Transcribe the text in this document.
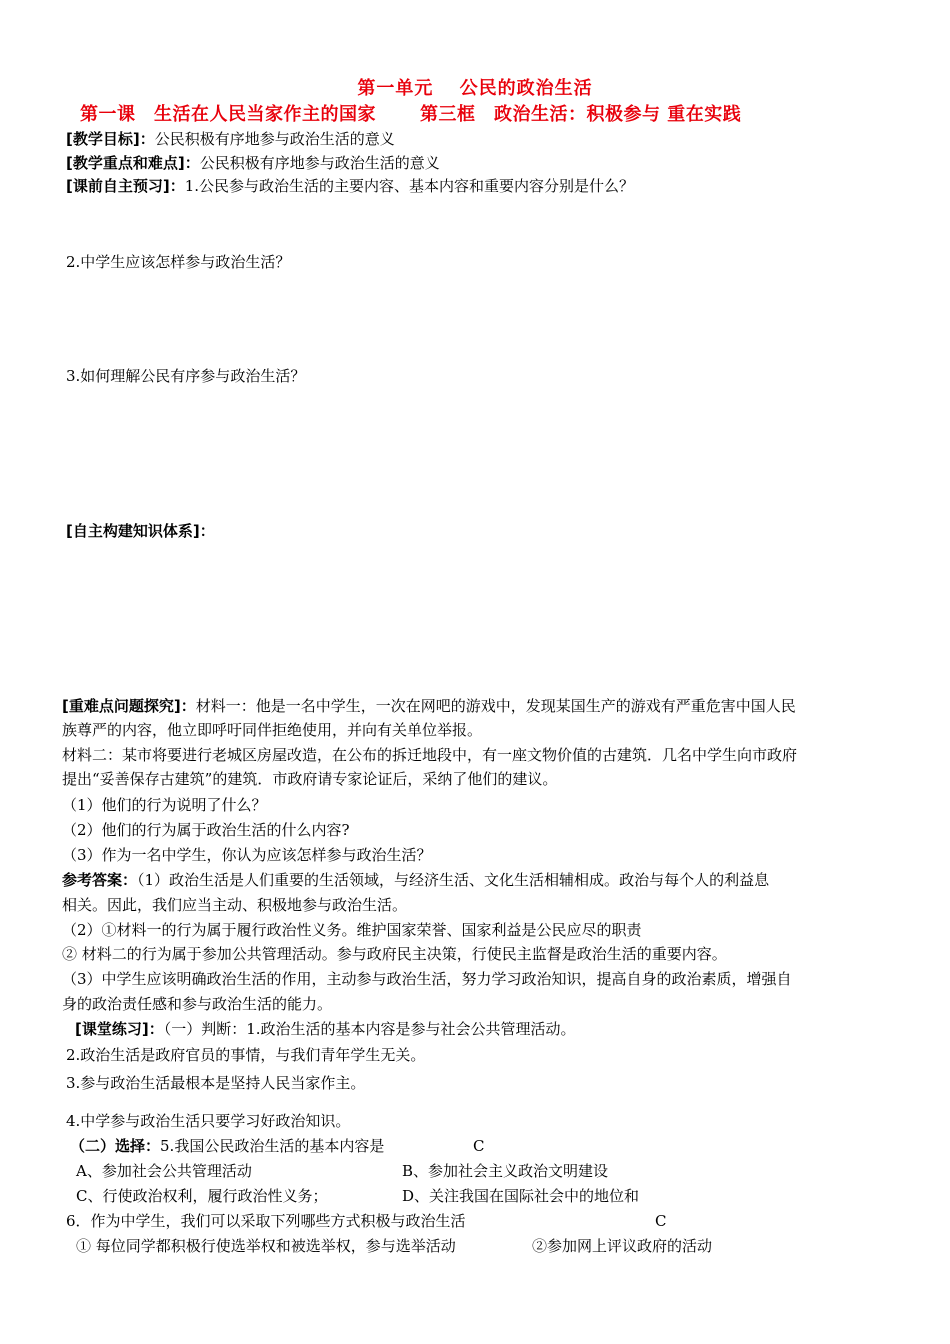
第一单元　 公民的政治生活
第一课　生活在人民当家作主的国家 第三框　政治生活：积极参与 重在实践
[教学目标]：公民积极有序地参与政治生活的意义
[教学重点和难点]：公民积极有序地参与政治生活的意义
[课前自主预习]：1.公民参与政治生活的主要内容、基本内容和重要内容分别是什么？
2.中学生应该怎样参与政治生活？
3.如何理解公民有序参与政治生活？
[自主构建知识体系]：
[重难点问题探究]：材料一：他是一名中学生，一次在网吧的游戏中，发现某国生产的游戏有严重危害中国人民
族尊严的内容，他立即呼吁同伴拒绝使用，并向有关单位举报。
材料二：某市将要进行老城区房屋改造，在公布的拆迁地段中，有一座文物价值的古建筑．几名中学生向市政府
提出“妥善保存古建筑”的建筑．市政府请专家论证后，采纳了他们的建议。
（1）他们的行为说明了什么？
（2）他们的行为属于政治生活的什么内容?
（3）作为一名中学生，你认为应该怎样参与政治生活？
参考答案：（1）政治生活是人们重要的生活领域，与经济生活、文化生活相辅相成。政治与每个人的利益息
相关。因此，我们应当主动、积极地参与政治生活。
（2）①材料一的行为属于履行政治性义务。维护国家荣誉、国家利益是公民应尽的职责
② 材料二的行为属于参加公共管理活动。参与政府民主决策，行使民主监督是政治生活的重要内容。
（3）中学生应该明确政治生活的作用，主动参与政治生活，努力学习政治知识，提高自身的政治素质，增强自
身的政治责任感和参与政治生活的能力。
[课堂练习]：（一）判断：1.政治生活的基本内容是参与社会公共管理活动。
2.政治生活是政府官员的事情，与我们青年学生无关。
3.参与政治生活最根本是坚持人民当家作主。
4.中学参与政治生活只要学习好政治知识。
（二）选择：5.我国公民政治生活的基本内容是	C
A、参加社会公共管理活动	B、参加社会主义政治文明建设
C、行使政治权利，履行政治性义务；	D、关注我国在国际社会中的地位和
6．作为中学生，我们可以采取下列哪些方式积极与政治生活	C
① 每位同学都积极行使选举权和被选举权，参与选举活动	②参加网上评议政府的活动
